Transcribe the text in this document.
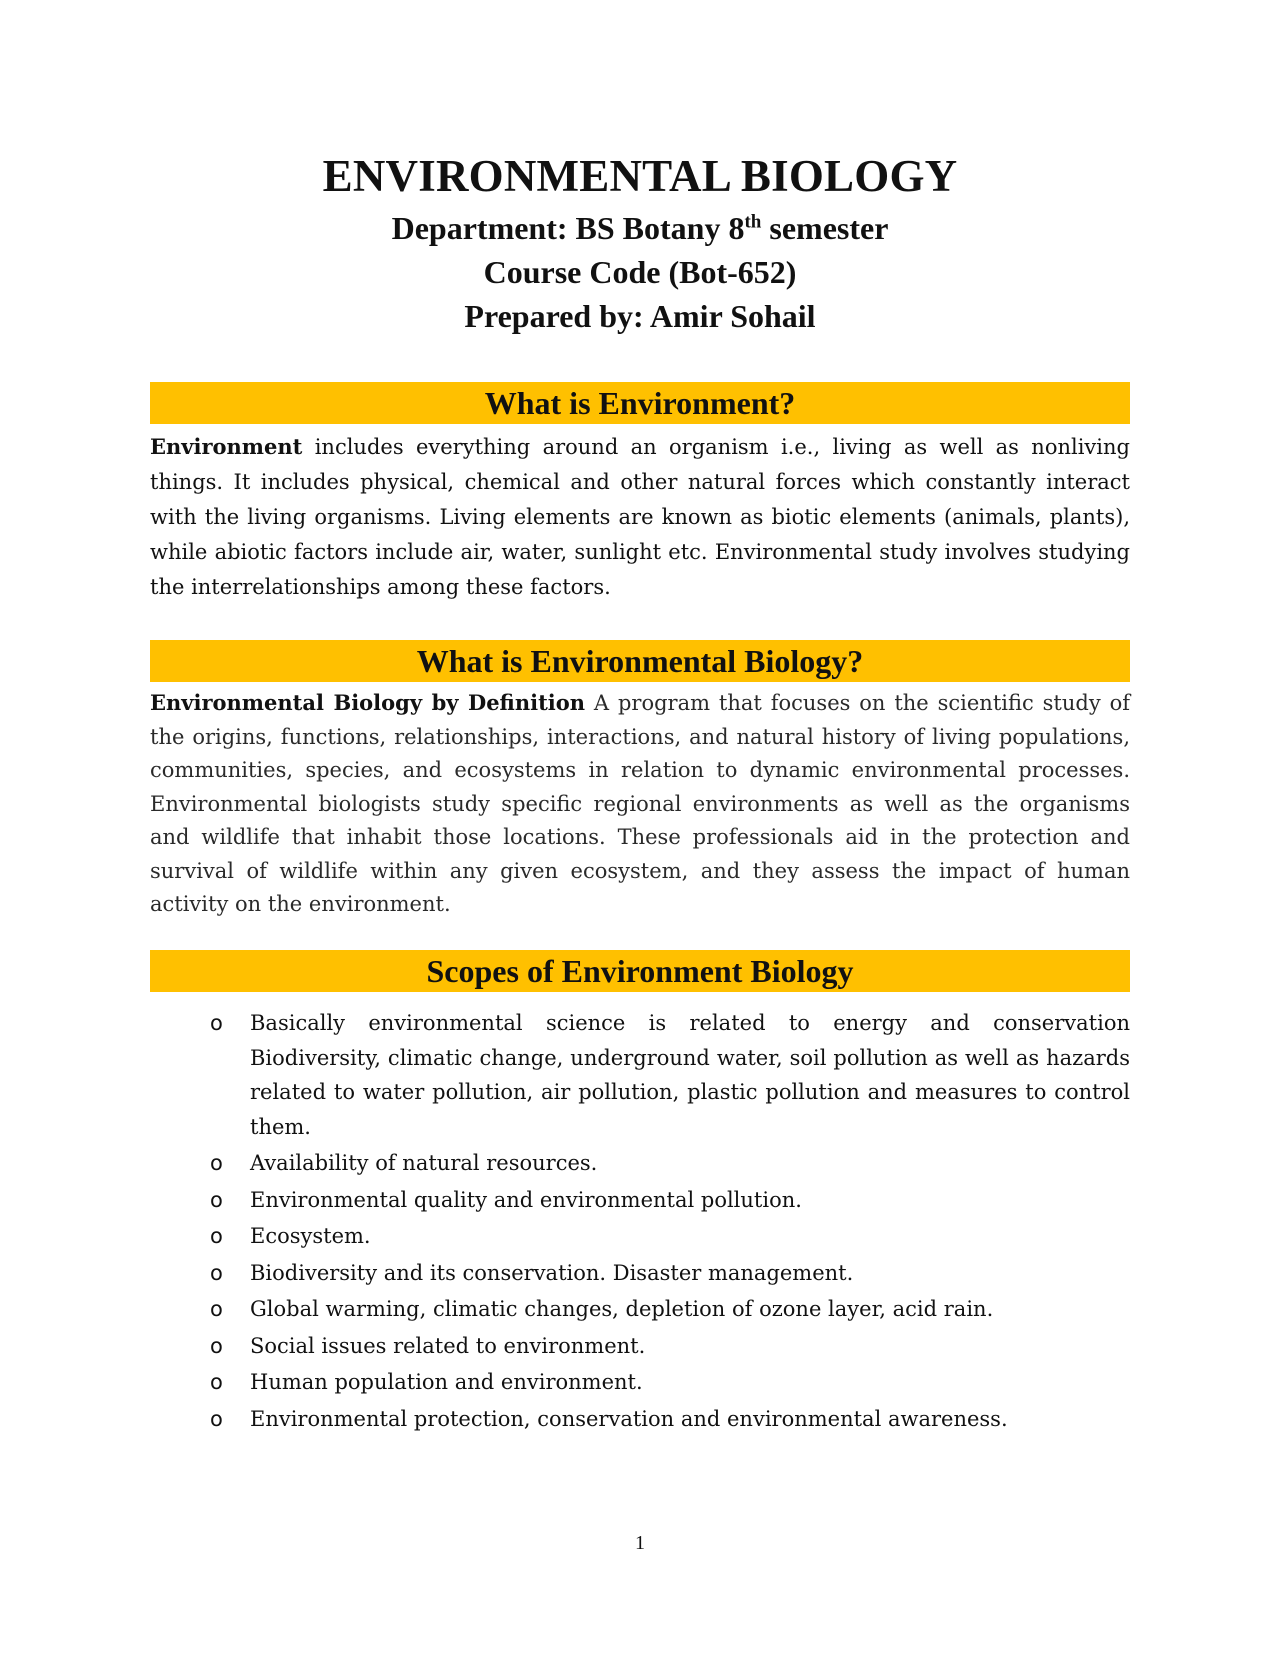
ENVIRONMENTAL BIOLOGY
Department: BS Botany 8th semester
Course Code (Bot-652)
Prepared by: Amir Sohail
What is Environment?

Environment includes everything around an organism i.e., living as well as nonliving things. It includes physical, chemical and other natural forces which constantly interact with the living organisms. Living elements are known as biotic elements (animals, plants), while abiotic factors include air, water, sunlight etc. Environmental study involves studying the interrelationships among these factors.

What is Environmental Biology?

Environmental Biology by Definition A program that focuses on the scientific study of the origins, functions, relationships, interactions, and natural history of living populations, communities, species, and ecosystems in relation to dynamic environmental processes. Environmental biologists study specific regional environments as well as the organisms and wildlife that inhabit those locations. These professionals aid in the protection and survival of wildlife within any given ecosystem, and they assess the impact of human activity on the environment.

Scopes of Environment Biology
o Basically environmental science is related to energy and conservation Biodiversity, climatic change, underground water, soil pollution as well as hazards related to water pollution, air pollution, plastic pollution and measures to control them.
o Availability of natural resources.
o Environmental quality and environmental pollution.
o Ecosystem.
o Biodiversity and its conservation. Disaster management.
o Global warming, climatic changes, depletion of ozone layer, acid rain.
o Social issues related to environment.
o Human population and environment.
o Environmental protection, conservation and environmental awareness.
1
